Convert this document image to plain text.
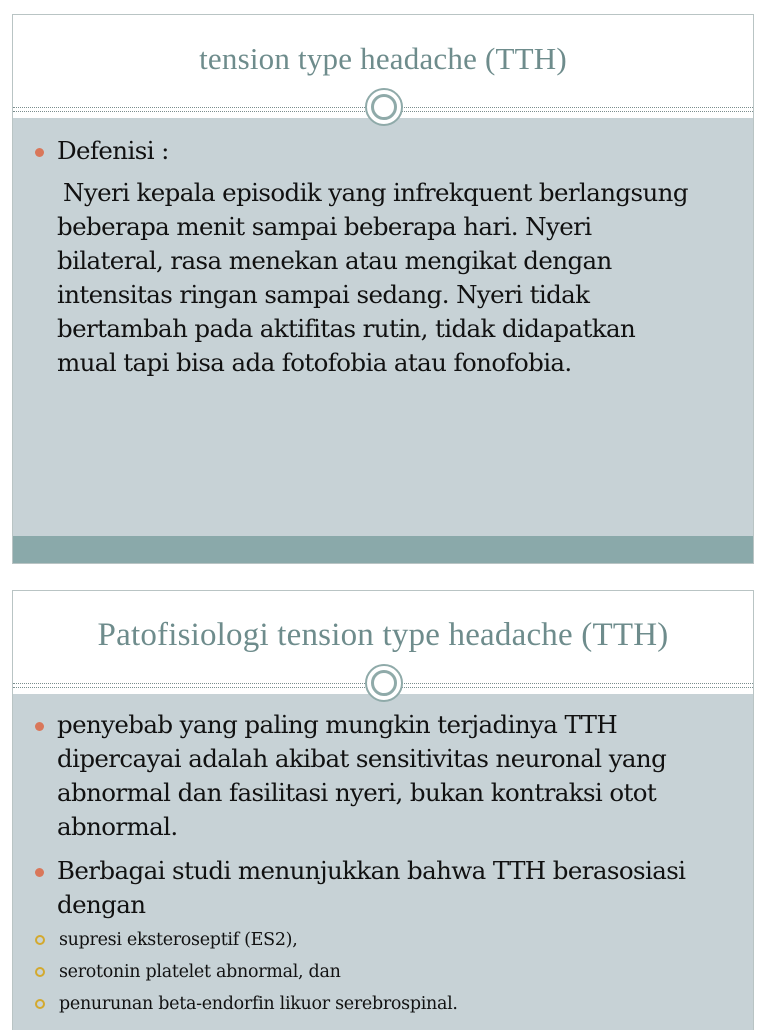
tension type headache (TTH)
Defenisi :
Nyeri kepala episodik yang infrekquent berlangsung
beberapa menit sampai beberapa hari. Nyeri
bilateral, rasa menekan atau mengikat dengan
intensitas ringan sampai sedang. Nyeri tidak
bertambah pada aktifitas rutin, tidak didapatkan
mual tapi bisa ada fotofobia atau fonofobia.
Patofisiologi tension type headache (TTH)
penyebab yang paling mungkin terjadinya TTH
dipercayai adalah akibat sensitivitas neuronal yang
abnormal dan fasilitasi nyeri, bukan kontraksi otot
abnormal.
Berbagai studi menunjukkan bahwa TTH berasosiasi
dengan
supresi eksteroseptif (ES2),
serotonin platelet abnormal, dan
penurunan beta-endorfin likuor serebrospinal.
